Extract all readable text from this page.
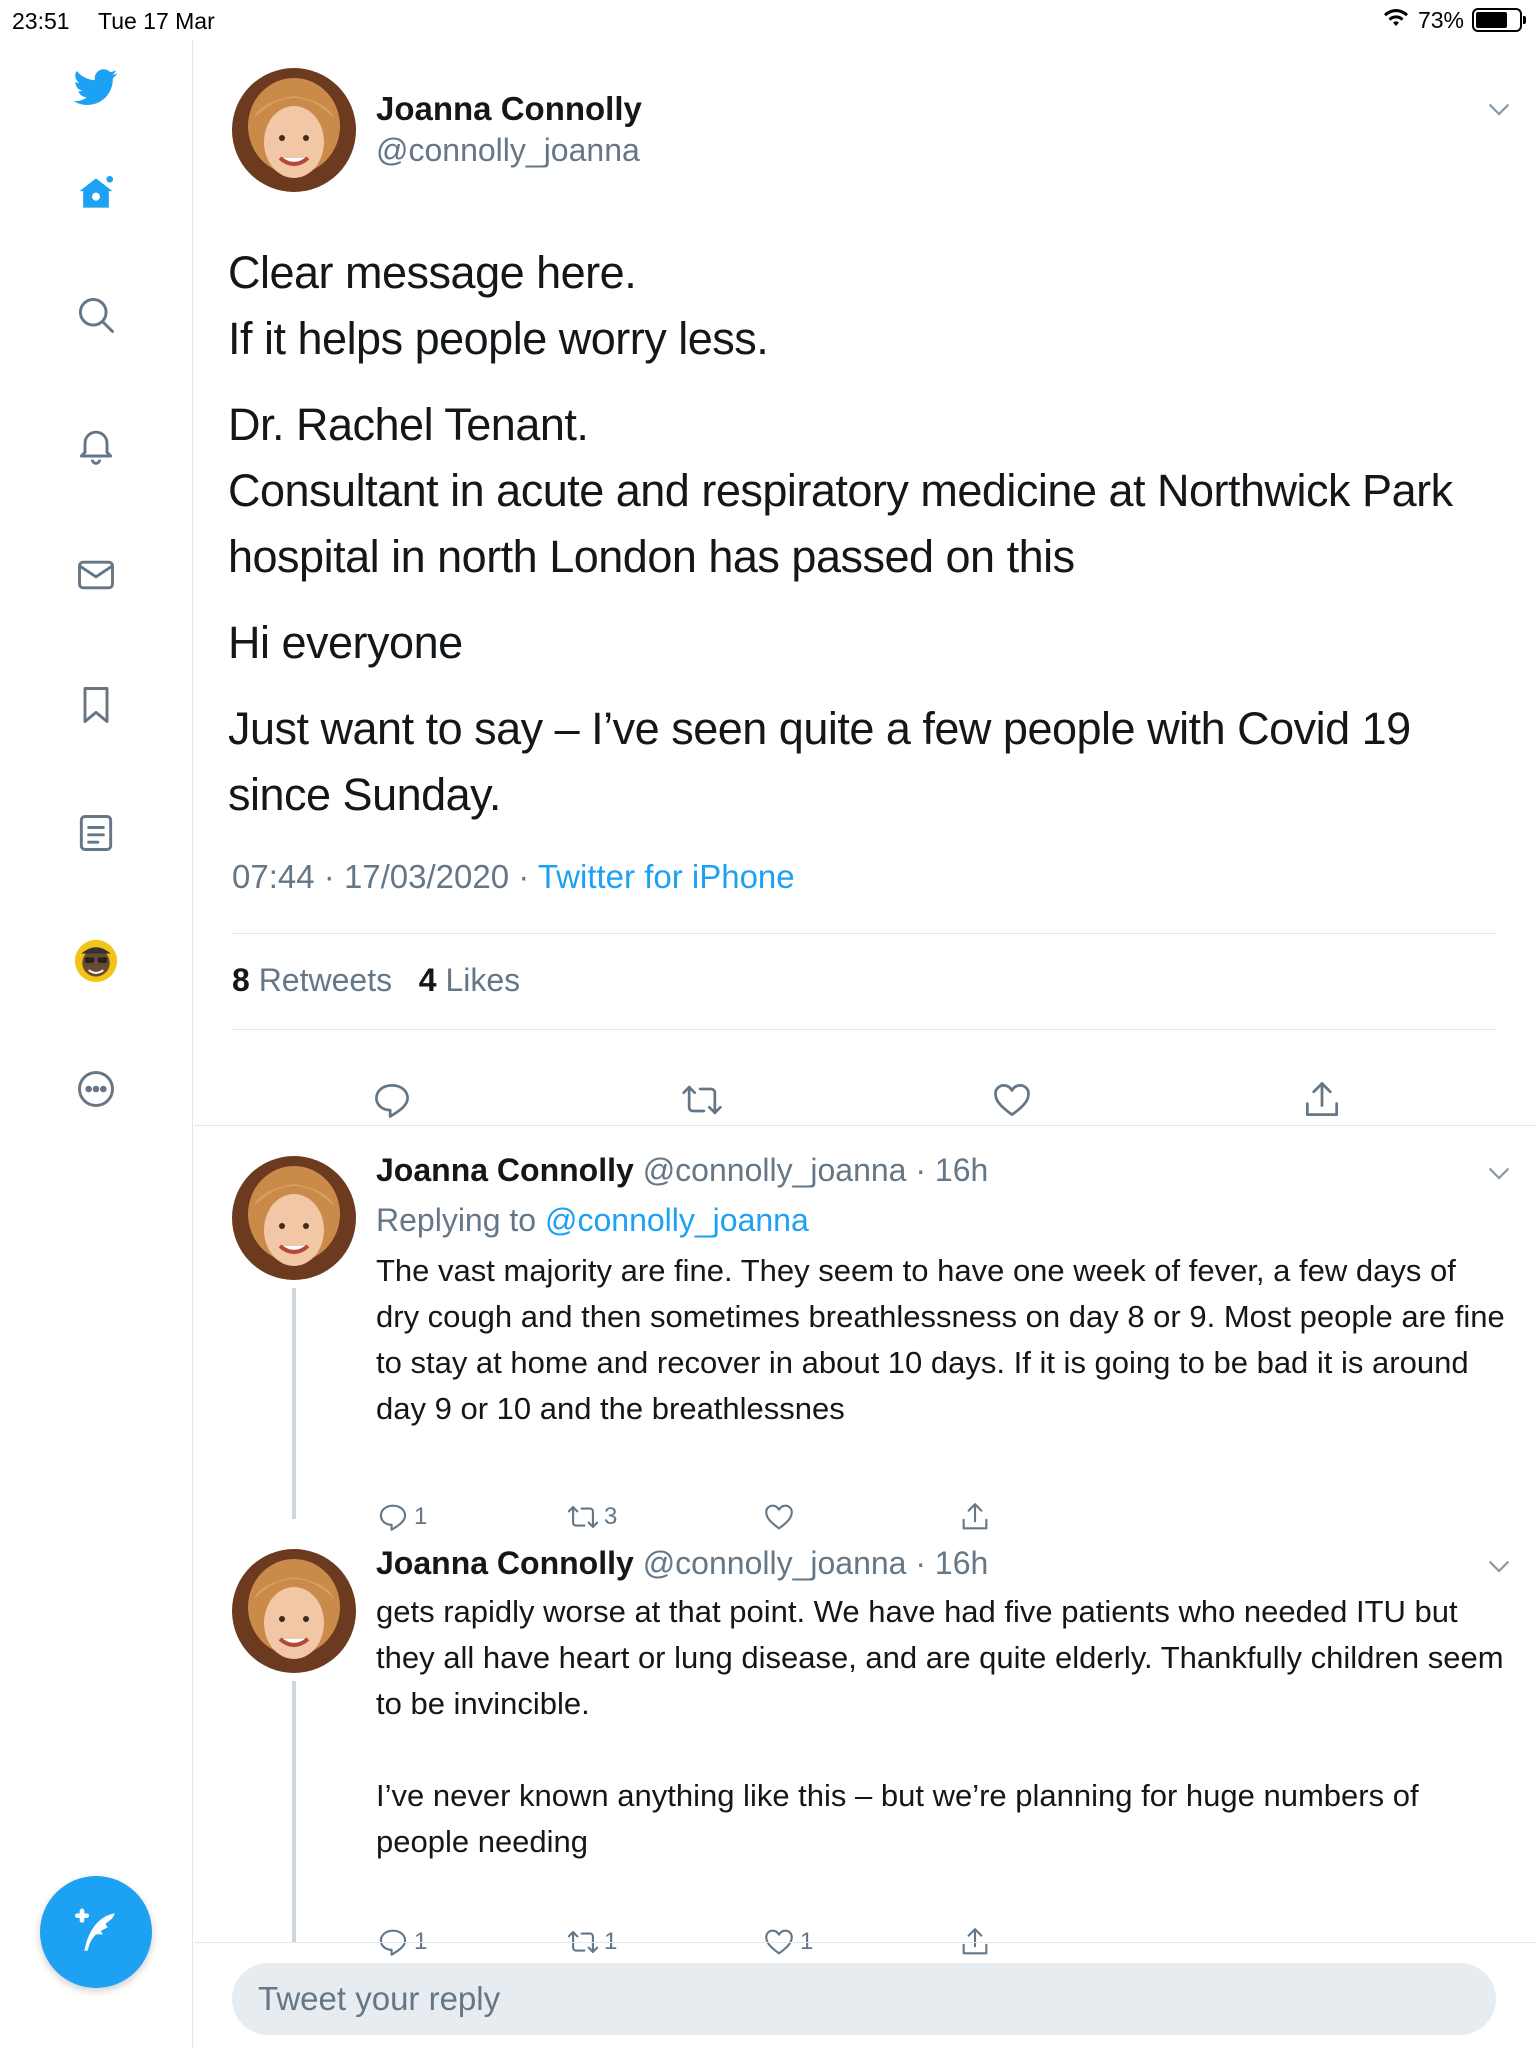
23:51 Tue 17 Mar	73%
Joanna Connolly
@connolly_joanna

Clear message here.
If it helps people worry less.

Dr. Rachel Tenant.
Consultant in acute and respiratory medicine at Northwick Park hospital in north London has passed on this

Hi everyone

Just want to say – I’ve seen quite a few people with Covid 19 since Sunday.

07:44 · 17/03/2020 · Twitter for iPhone
8 Retweets 4 Likes
Joanna Connolly @connolly_joanna · 16h
Replying to @connolly_joanna
The vast majority are fine. They seem to have one week of fever, a few days of dry cough and then sometimes breathlessness on day 8 or 9. Most people are fine to stay at home and recover in about 10 days. If it is going to be bad it is around day 9 or 10 and the breathlessnes
1	3
Joanna Connolly @connolly_joanna · 16h
gets rapidly worse at that point. We have had five patients who needed ITU but they all have heart or lung disease, and are quite elderly. Thankfully children seem to be invincible.

I’ve never known anything like this – but we’re planning for huge numbers of people needing
1	1	1
Tweet your reply
